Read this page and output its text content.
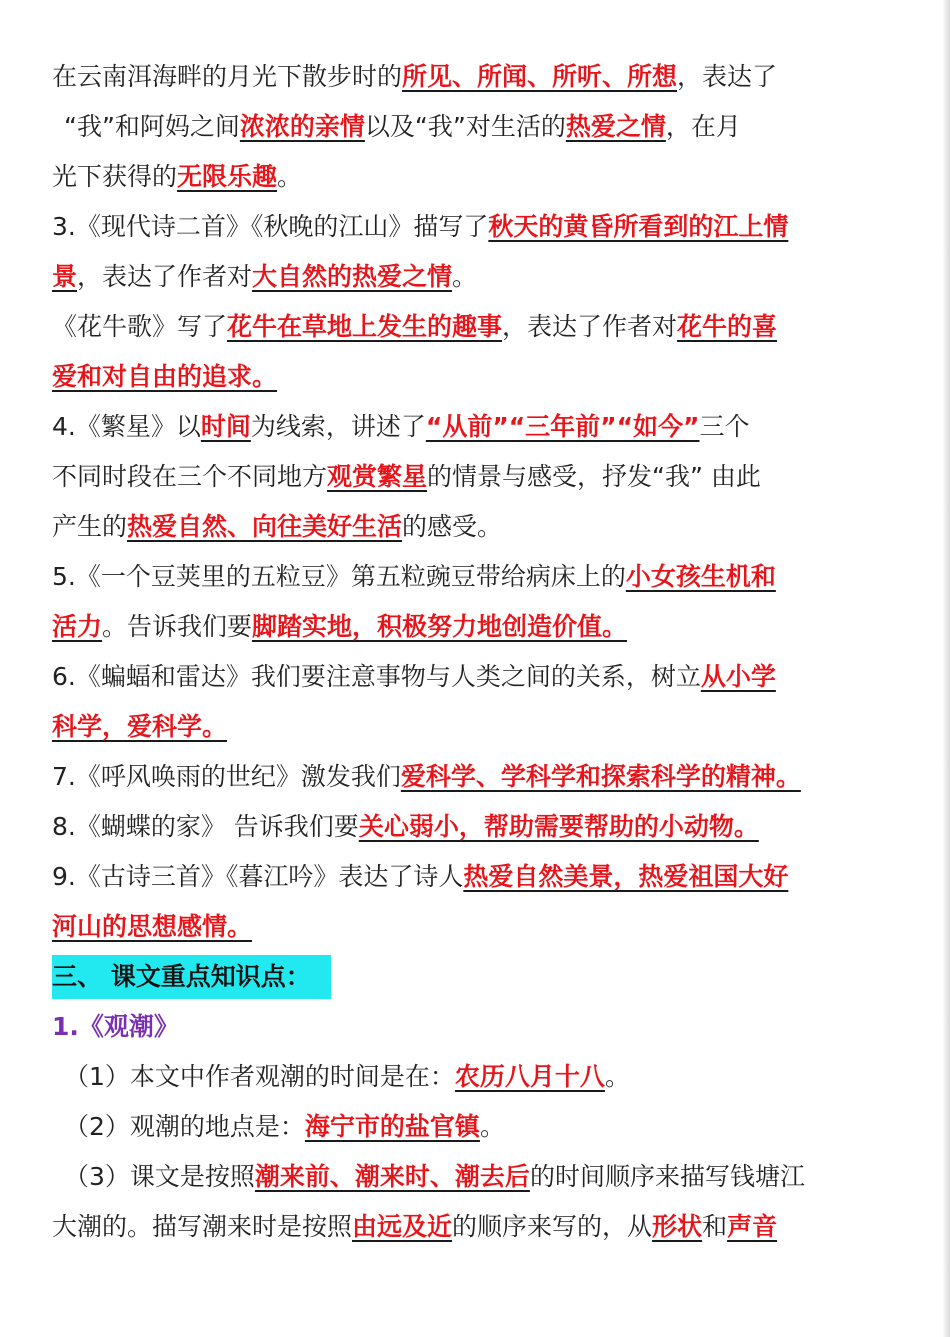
在云南洱海畔的月光下散步时的所见、所闻、所听、所想，表达了
“我”和阿妈之间浓浓的亲情以及“我”对生活的热爱之情，在月
光下获得的无限乐趣。
3.《现代诗二首》《秋晚的江山》描写了秋天的黄昏所看到的江上情
景，表达了作者对大自然的热爱之情。
《花牛歌》写了花牛在草地上发生的趣事，表达了作者对花牛的喜
爱和对自由的追求。
4.《繁星》以时间为线索，讲述了“从前”“三年前”“如今”三个
不同时段在三个不同地方观赏繁星的情景与感受，抒发“我” 由此
产生的热爱自然、向往美好生活的感受。
5.《一个豆荚里的五粒豆》第五粒豌豆带给病床上的小女孩生机和
活力。告诉我们要脚踏实地，积极努力地创造价值。
6.《蝙蝠和雷达》我们要注意事物与人类之间的关系，树立从小学
科学，爱科学。
7.《呼风唤雨的世纪》激发我们爱科学、学科学和探索科学的精神。
8.《蝴蝶的家》 告诉我们要关心弱小，帮助需要帮助的小动物。
9.《古诗三首》《暮江吟》表达了诗人热爱自然美景，热爱祖国大好
河山的思想感情。
三、 课文重点知识点：
1.《观潮》
（1）本文中作者观潮的时间是在：农历八月十八。
（2）观潮的地点是：海宁市的盐官镇。
（3）课文是按照潮来前、潮来时、潮去后的时间顺序来描写钱塘江
大潮的。描写潮来时是按照由远及近的顺序来写的，从形状和声音
